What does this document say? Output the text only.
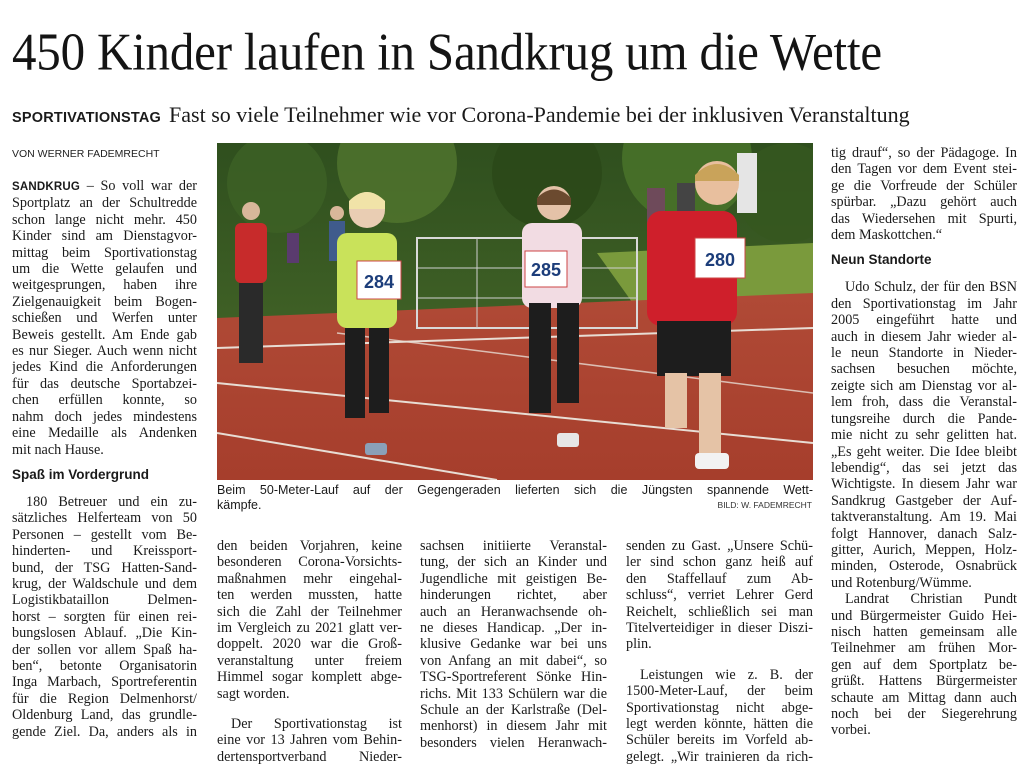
450 Kinder laufen in Sandkrug um die Wette
SPORTIVATIONSTAG Fast so viele Teilnehmer wie vor Corona-Pandemie bei der inklusiven Veranstaltung
VON WERNER FADEMRECHT
SANDKRUG – So voll war der
Sportplatz an der Schultredde
schon lange nicht mehr. 450
Kinder sind am Dienstagvor-
mittag beim Sportivationstag
um die Wette gelaufen und
weitgesprungen, haben ihre
Zielgenauigkeit beim Bogen-
schießen und Werfen unter
Beweis gestellt. Am Ende gab
es nur Sieger. Auch wenn nicht
jedes Kind die Anforderungen
für das deutsche Sportabzei-
chen erfüllen konnte, so
nahm doch jedes mindestens
eine Medaille als Andenken
mit nach Hause.
Spaß im Vordergrund
180 Betreuer und ein zu-
sätzliches Helferteam von 50
Personen – gestellt vom Be-
hinderten- und Kreissport-
bund, der TSG Hatten-Sand-
krug, der Waldschule und dem
Logistikbataillon Delmen-
horst – sorgten für einen rei-
bungslosen Ablauf. „Die Kin-
der sollen vor allem Spaß ha-
ben“, betonte Organisatorin
Inga Marbach, Sportreferentin
für die Region Delmenhorst/
Oldenburg Land, das grundle-
gende Ziel. Da, anders als in
284
285	280
Beim 50-Meter-Lauf auf der Gegengeraden lieferten sich die Jüngsten spannende Wett-
kämpfe.	BILD: W. FADEMRECHT
den beiden Vorjahren, keine
besonderen Corona-Vorsichts-
maßnahmen mehr eingehal-
ten werden mussten, hatte
sich die Zahl der Teilnehmer
im Vergleich zu 2021 glatt ver-
doppelt. 2020 war die Groß-
veranstaltung unter freiem
Himmel sogar komplett abge-
sagt worden.
Der Sportivationstag ist
eine vor 13 Jahren vom Behin-
dertensportverband Nieder-
sachsen initiierte Veranstal-
tung, der sich an Kinder und
Jugendliche mit geistigen Be-
hinderungen richtet, aber
auch an Heranwachsende oh-
ne dieses Handicap. „Der in-
klusive Gedanke war bei uns
von Anfang an mit dabei“, so
TSG-Sportreferent Sönke Hin-
richs. Mit 133 Schülern war die
Schule an der Karlstraße (Del-
menhorst) in diesem Jahr mit
besonders vielen Heranwach-
senden zu Gast. „Unsere Schü-
ler sind schon ganz heiß auf
den Staffellauf zum Ab-
schluss“, verriet Lehrer Gerd
Reichelt, schließlich sei man
Titelverteidiger in dieser Diszi-
plin.
Leistungen wie z. B. der
1500-Meter-Lauf, der beim
Sportivationstag nicht abge-
legt werden könnte, hätten die
Schüler bereits im Vorfeld ab-
gelegt. „Wir trainieren da rich-
tig drauf“, so der Pädagoge. In
den Tagen vor dem Event stei-
ge die Vorfreude der Schüler
spürbar. „Dazu gehört auch
das Wiedersehen mit Spurti,
dem Maskottchen.“
Neun Standorte
Udo Schulz, der für den BSN
den Sportivationstag im Jahr
2005 eingeführt hatte und
auch in diesem Jahr wieder al-
le neun Standorte in Nieder-
sachsen besuchen möchte,
zeigte sich am Dienstag vor al-
lem froh, dass die Veranstal-
tungsreihe durch die Pande-
mie nicht zu sehr gelitten hat.
„Es geht weiter. Die Idee bleibt
lebendig“, das sei jetzt das
Wichtigste. In diesem Jahr war
Sandkrug Gastgeber der Auf-
taktveranstaltung. Am 19. Mai
folgt Hannover, danach Salz-
gitter, Aurich, Meppen, Holz-
minden, Osterode, Osnabrück
und Rotenburg/Wümme.
Landrat Christian Pundt
und Bürgermeister Guido Hei-
nisch hatten gemeinsam alle
Teilnehmer am frühen Mor-
gen auf dem Sportplatz be-
grüßt. Hattens Bürgermeister
schaute am Mittag dann auch
noch bei der Siegerehrung
vorbei.
